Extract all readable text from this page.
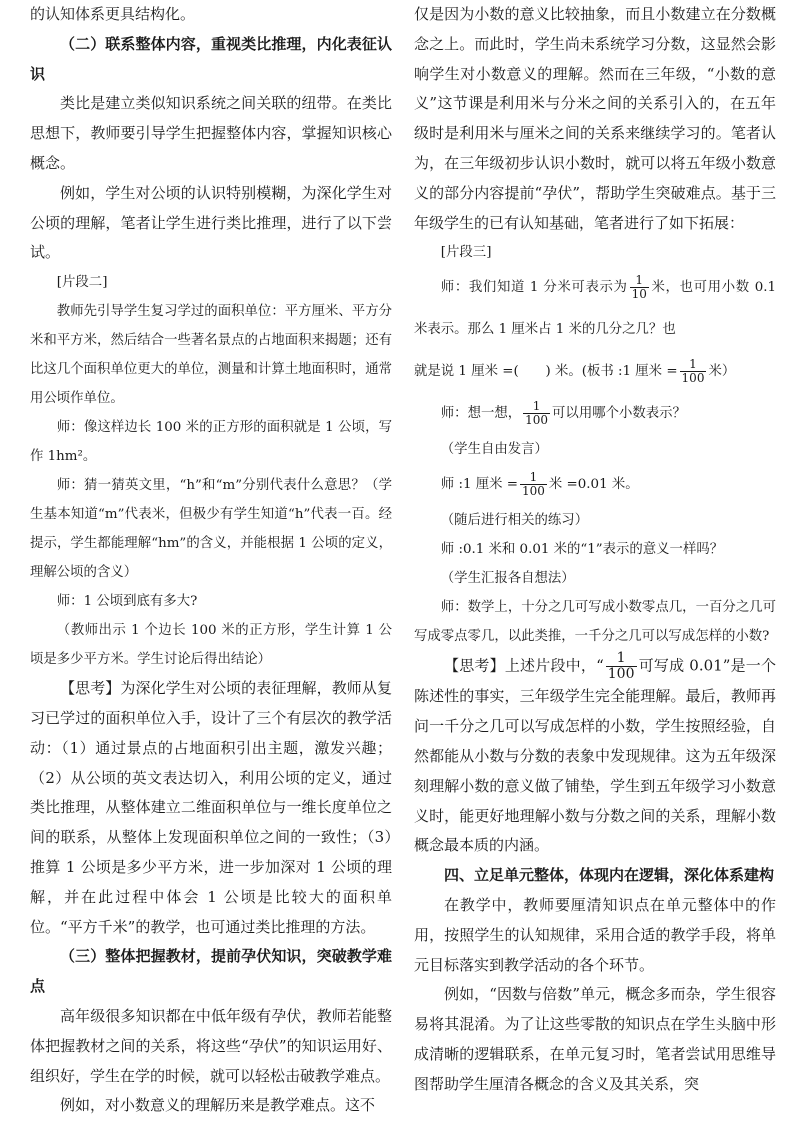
的认知体系更具结构化。

（二）联系整体内容，重视类比推理，内化表征认识

类比是建立类似知识系统之间关联的纽带。在类比思想下，教师要引导学生把握整体内容，掌握知识核心概念。

例如，学生对公顷的认识特别模糊，为深化学生对公顷的理解，笔者让学生进行类比推理，进行了以下尝试。

[片段二]

教师先引导学生复习学过的面积单位：平方厘米、平方分米和平方米，然后结合一些著名景点的占地面积来揭题；还有比这几个面积单位更大的单位，测量和计算土地面积时，通常用公顷作单位。

师：像这样边长 100 米的正方形的面积就是 1 公顷，写作 1hm²。

师：猜一猜英文里，“h”和“m”分别代表什么意思？（学生基本知道“m”代表米，但极少有学生知道“h”代表一百。经提示，学生都能理解“hm”的含义，并能根据 1 公顷的定义，理解公顷的含义）

师：1 公顷到底有多大?

（教师出示 1 个边长 100 米的正方形，学生计算 1 公顷是多少平方米。学生讨论后得出结论）

【思考】为深化学生对公顷的表征理解，教师从复习已学过的面积单位入手，设计了三个有层次的教学活动：（1）通过景点的占地面积引出主题，激发兴趣；（2）从公顷的英文表达切入，利用公顷的定义，通过类比推理，从整体建立二维面积单位与一维长度单位之间的联系，从整体上发现面积单位之间的一致性；（3）推算 1 公顷是多少平方米，进一步加深对 1 公顷的理解，并在此过程中体会 1 公顷是比较大的面积单位。“平方千米”的教学，也可通过类比推理的方法。

（三）整体把握教材，提前孕伏知识，突破教学难点

高年级很多知识都在中低年级有孕伏，教师若能整体把握教材之间的关系，将这些“孕伏”的知识运用好、组织好，学生在学的时候，就可以轻松击破教学难点。

例如，对小数意义的理解历来是教学难点。这不

仅是因为小数的意义比较抽象，而且小数建立在分数概念之上。而此时，学生尚未系统学习分数，这显然会影响学生对小数意义的理解。然而在三年级，“小数的意义”这节课是利用米与分米之间的关系引入的，在五年级时是利用米与厘米之间的关系来继续学习的。笔者认为，在三年级初步认识小数时，就可以将五年级小数意义的部分内容提前“孕伏”，帮助学生突破难点。基于三年级学生的已有认知基础，笔者进行了如下拓展：

[片段三]

师：我们知道 1 分米可表示为 $\frac{1}{10}$ 米，也可用小数 0.1 米表示。那么 1 厘米占 1 米的几分之几？也

就是说 1 厘米 =(　　) 米。(板书 :1 厘米 = $\frac{1}{100}$ 米）

师：想一想， $\frac{1}{100}$ 可以用哪个小数表示？

（学生自由发言）

师 :1 厘米 = $\frac{1}{100}$ 米 =0.01 米。

（随后进行相关的练习）

师 :0.1 米和 0.01 米的“1”表示的意义一样吗？

（学生汇报各自想法）

师：数学上，十分之几可写成小数零点几，一百分之几可写成零点零几，以此类推，一千分之几可以写成怎样的小数?

【思考】上述片段中，“ $\frac{1}{100}$ 可写成 0.01”是一个陈述性的事实，三年级学生完全能理解。最后，教师再问一千分之几可以写成怎样的小数，学生按照经验，自然都能从小数与分数的表象中发现规律。这为五年级深刻理解小数的意义做了铺垫，学生到五年级学习小数意义时，能更好地理解小数与分数之间的关系，理解小数概念最本质的内涵。

四、立足单元整体，体现内在逻辑，深化体系建构

在教学中，教师要厘清知识点在单元整体中的作用，按照学生的认知规律，采用合适的教学手段，将单元目标落实到教学活动的各个环节。

例如，“因数与倍数”单元，概念多而杂，学生很容易将其混淆。为了让这些零散的知识点在学生头脑中形成清晰的逻辑联系，在单元复习时，笔者尝试用思维导图帮助学生厘清各概念的含义及其关系，突
